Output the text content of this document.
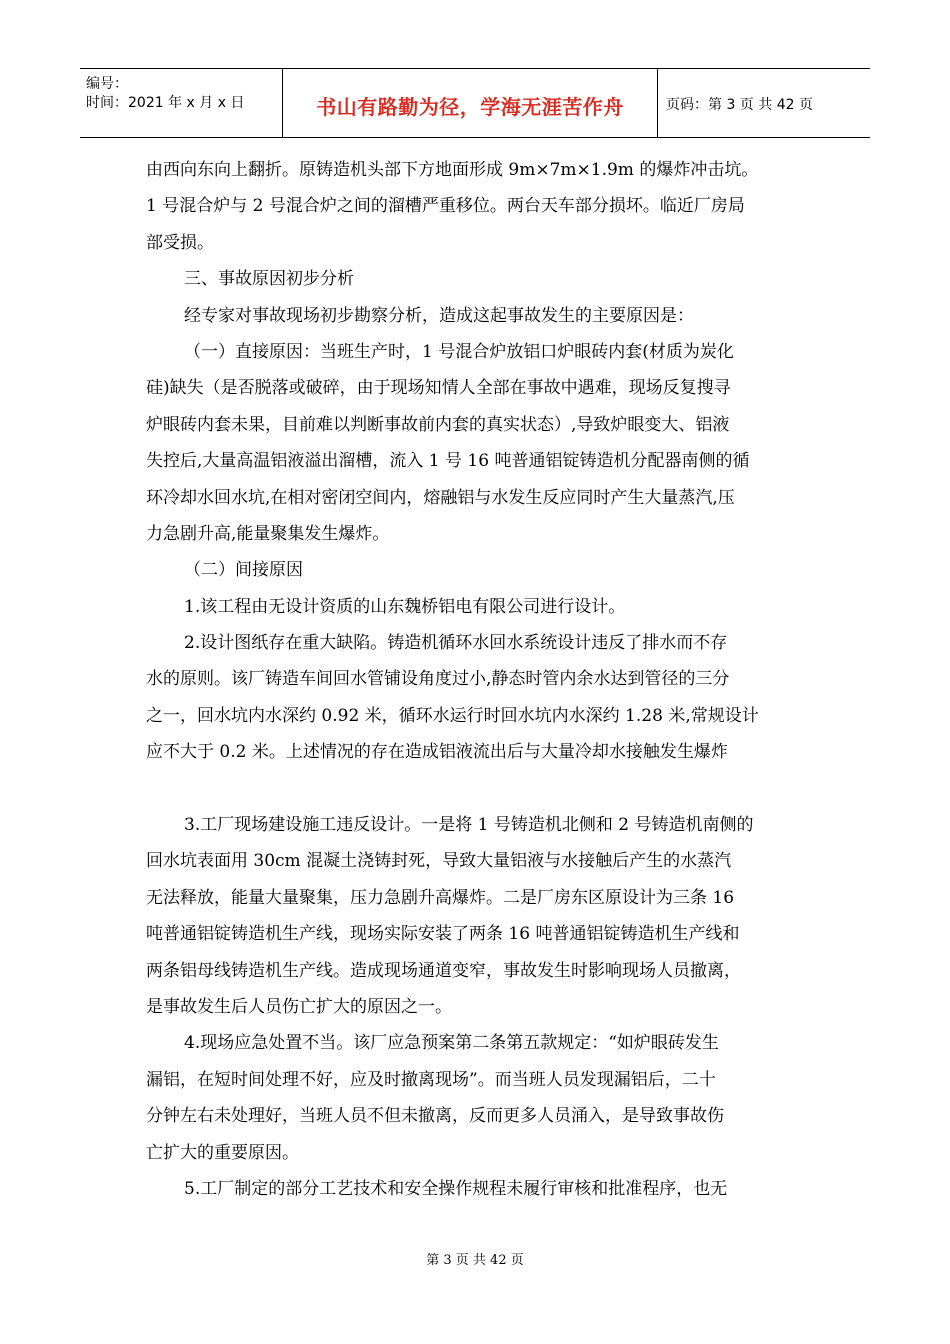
编号：
时间：2021 年 x 月 x 日	书山有路勤为径，学海无涯苦作舟	页码：第 3 页 共 42 页
由西向东向上翻折。原铸造机头部下方地面形成 9m×7m×1.9m 的爆炸冲击坑。
1 号混合炉与 2 号混合炉之间的溜槽严重移位。两台天车部分损坏。临近厂房局
部受损。
三、事故原因初步分析
经专家对事故现场初步勘察分析，造成这起事故发生的主要原因是：
（一）直接原因：当班生产时，1 号混合炉放铝口炉眼砖内套(材质为炭化
硅)缺失（是否脱落或破碎，由于现场知情人全部在事故中遇难，现场反复搜寻
炉眼砖内套未果，目前难以判断事故前内套的真实状态）,导致炉眼变大、铝液
失控后,大量高温铝液溢出溜槽，流入 1 号 16 吨普通铝锭铸造机分配器南侧的循
环冷却水回水坑,在相对密闭空间内，熔融铝与水发生反应同时产生大量蒸汽,压
力急剧升高,能量聚集发生爆炸。
（二）间接原因
1.该工程由无设计资质的山东魏桥铝电有限公司进行设计。
2.设计图纸存在重大缺陷。铸造机循环水回水系统设计违反了排水而不存
水的原则。该厂铸造车间回水管铺设角度过小,静态时管内余水达到管径的三分
之一，回水坑内水深约 0.92 米，循环水运行时回水坑内水深约 1.28 米,常规设计
应不大于 0.2 米。上述情况的存在造成铝液流出后与大量冷却水接触发生爆炸
3.工厂现场建设施工违反设计。一是将 1 号铸造机北侧和 2 号铸造机南侧的
回水坑表面用 30cm 混凝土浇铸封死，导致大量铝液与水接触后产生的水蒸汽
无法释放，能量大量聚集，压力急剧升高爆炸。二是厂房东区原设计为三条 16
吨普通铝锭铸造机生产线，现场实际安装了两条 16 吨普通铝锭铸造机生产线和
两条铝母线铸造机生产线。造成现场通道变窄，事故发生时影响现场人员撤离，
是事故发生后人员伤亡扩大的原因之一。
4.现场应急处置不当。该厂应急预案第二条第五款规定：“如炉眼砖发生
漏铝，在短时间处理不好，应及时撤离现场”。而当班人员发现漏铝后，二十
分钟左右未处理好，当班人员不但未撤离，反而更多人员涌入，是导致事故伤
亡扩大的重要原因。
5.工厂制定的部分工艺技术和安全操作规程未履行审核和批准程序，也无
第 3 页 共 42 页
